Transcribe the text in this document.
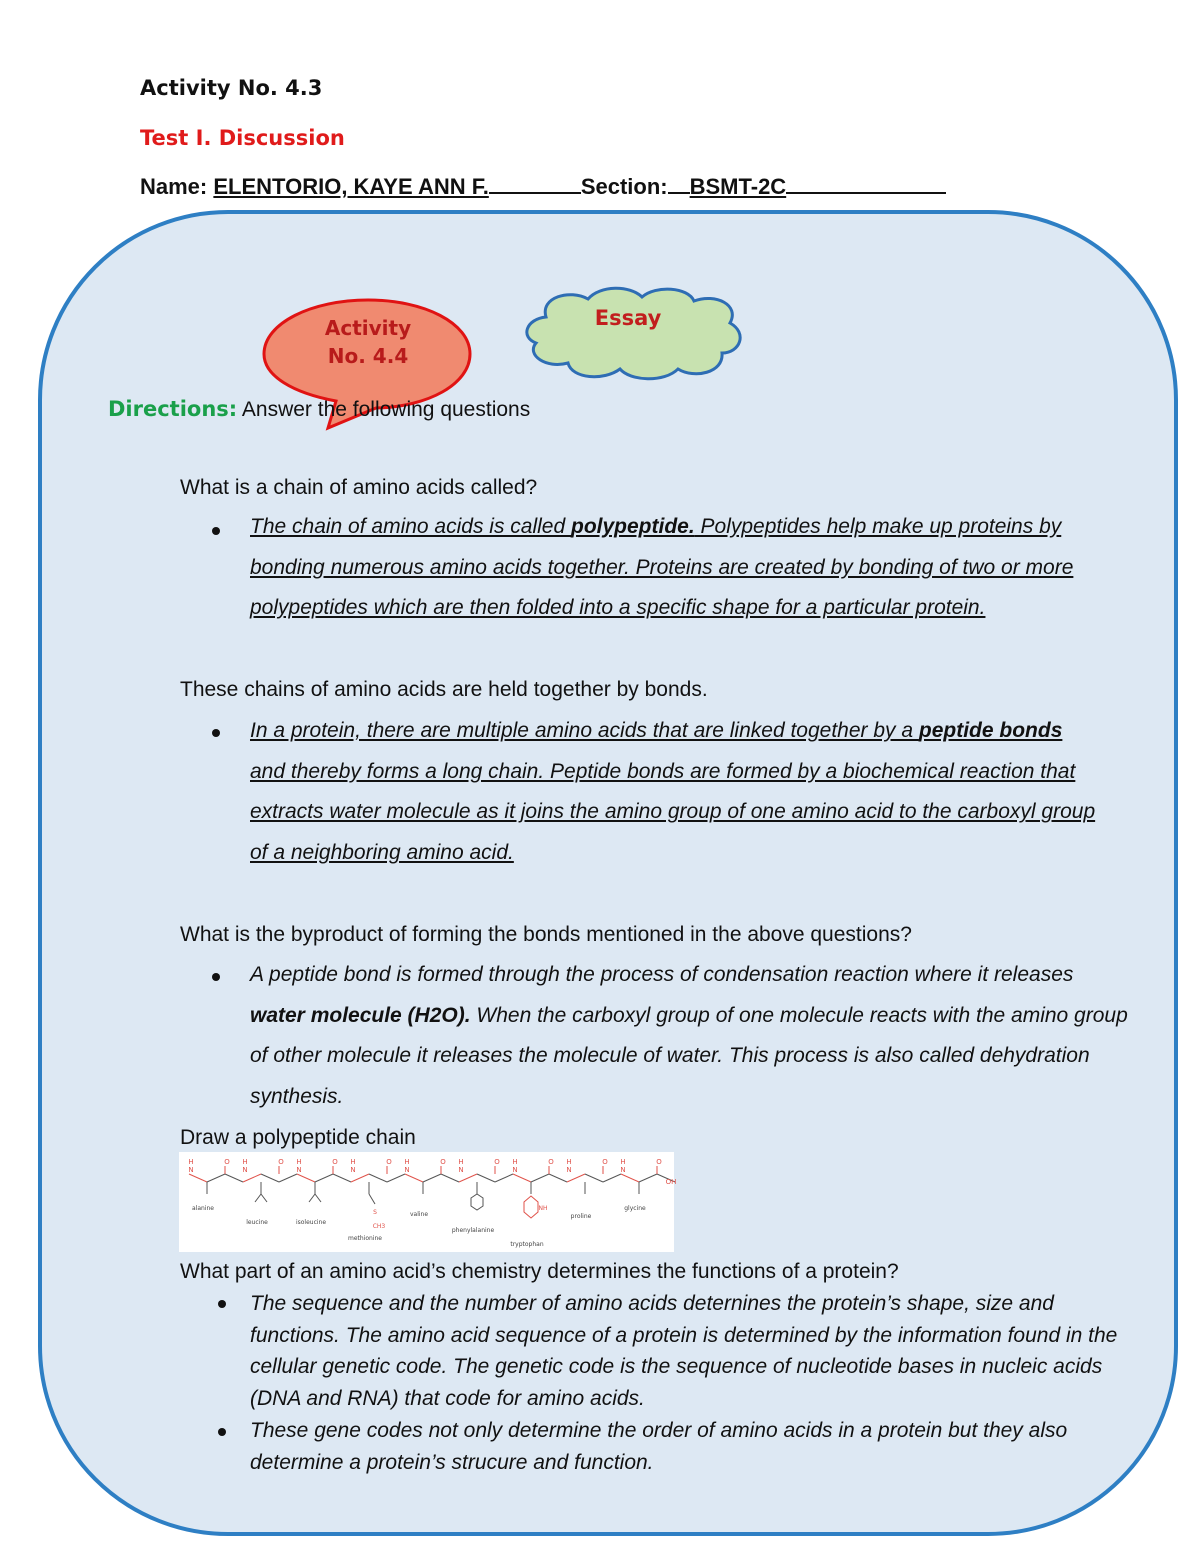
Activity No. 4.3
Test I. Discussion
Name: ELENTORIO, KAYE ANN F.	Section: BSMT-2C
Activity
No. 4.4
Essay
Directions: Answer the following questions
What is a chain of amino acids called?
The chain of amino acids is called polypeptide. Polypeptides help make up proteins by bonding numerous amino acids together. Proteins are created by bonding of two or more polypeptides which are then folded into a specific shape for a particular protein.
These chains of amino acids are held together by bonds.
In a protein, there are multiple amino acids that are linked together by a peptide bonds and thereby forms a long chain. Peptide bonds are formed by a biochemical reaction that extracts water molecule as it joins the amino group of one amino acid to the carboxyl group of a neighboring amino acid.
What is the byproduct of forming the bonds mentioned in the above questions?
A peptide bond is formed through the process of condensation reaction where it releases water molecule (H2O). When the carboxyl group of one molecule reacts with the amino group of other molecule it releases the molecule of water. This process is also called dehydration synthesis.
Draw a polypeptide chain
N
H	O
N
H	O
N
H	O
N
H	O
S
CH3
N
H	O
N
H	O
N
H	O
NH
N
H	O
N
H	O
OH
alanine
leucine	isoleucine
methionine
valine
phenylalanine
tryptophan
proline
glycine
What part of an amino acid’s chemistry determines the functions of a protein?
The sequence and the number of amino acids deternines the protein’s shape, size and functions. The amino acid sequence of a protein is determined by the information found in the cellular genetic code. The genetic code is the sequence of nucleotide bases in nucleic acids (DNA and RNA) that code for amino acids.
These gene codes not only determine the order of amino acids in a protein but they also determine a protein’s strucure and function.
